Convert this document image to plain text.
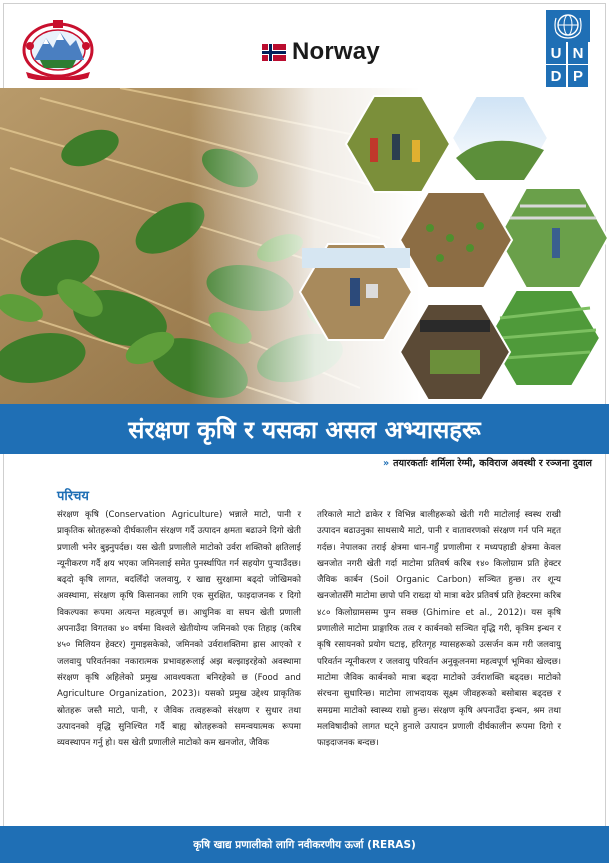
Norway	U N
D P
संरक्षण कृषि र यसका असल अभ्यासहरू
» तयारकर्ताः शर्मिला रेग्मी, कविराज अवस्थी र रञ्जना दुवाल
परिचय

संरक्षण कृषि (Conservation Agriculture) भन्नाले माटो, पानी र प्राकृतिक स्रोतहरूको दीर्घकालीन संरक्षण गर्दै उत्पादन क्षमता बढाउने दिगो खेती प्रणाली भनेर बुझ्नुपर्दछ। यस खेती प्रणालीले माटोको उर्वरा शक्तिको क्षतिलाई न्यूनीकरण गर्दै क्षय भएका जमिनलाई समेत पुनर्स्थापित गर्न सहयोग पुऱ्याउँदछ। बढ्दो कृषि लागत, बदलिँदो जलवायु, र खाद्य सुरक्षामा बढ्दो जोखिमको अवस्थामा, संरक्षण कृषि किसानका लागि एक सुरक्षित, फाइदाजनक र दिगो विकल्पका रूपमा अत्यन्त महत्वपूर्ण छ। आधुनिक वा सघन खेती प्रणाली अपनाउँदा विगतका ४० वर्षमा विश्वले खेतीयोग्य जमिनको एक तिहाइ (करिब ४५० मिलियन हेक्टर) गुमाइसकेको, जमिनको उर्वराशक्तिमा ह्रास आएको र जलवायु परिवर्तनका नकारात्मक प्रभावहरूलाई अझ बल्झाइरहेको अवस्थामा संरक्षण कृषि अहिलेको प्रमुख आवश्यकता बनिरहेको छ (Food and Agriculture Organization, 2023)। यसको प्रमुख उद्देश्य प्राकृतिक स्रोतहरू जस्तै माटो, पानी, र जैविक तत्वहरूको संरक्षण र सुधार तथा उत्पादनको वृद्धि सुनिश्चित गर्दै बाह्य स्रोतहरूको समन्वयात्मक रूपमा व्यवस्थापन गर्नु हो। यस खेती प्रणालीले माटोको कम खनजोत, जैविक

तरिकाले माटो ढाकेर र विभिन्न बालीहरूको खेती गरी माटोलाई स्वस्थ राखी उत्पादन बढाउनुका साथसाथै माटो, पानी र वातावरणको संरक्षण गर्न पनि मद्दत गर्दछ। नेपालका तराई क्षेत्रमा धान-गहुँ प्रणालीमा र मध्यपहाडी क्षेत्रमा केवल खनजोत नगरी खेती गर्दा माटोमा प्रतिवर्ष करिब १४० किलोग्राम प्रति हेक्टर जैविक कार्बन (Soil Organic Carbon) सञ्चित हुन्छ। तर शून्य खनजोतसँगै माटोमा छापो पनि राख्दा यो मात्रा बढेर प्रतिवर्ष प्रति हेक्टरमा करिब ४८० किलोग्रामसम्म पुग्न सक्छ (Ghimire et al., 2012)। यस कृषि प्रणालीले माटोमा प्राङ्गारिक तत्व र कार्बनको सञ्चित वृद्धि गरी, कृत्रिम इन्धन र कृषि रसायनको प्रयोग घटाइ, हरितगृह ग्यासहरूको उत्सर्जन कम गरी जलवायु परिवर्तन न्यूनीकरण र जलवायु परिवर्तन अनुकूलनमा महत्वपूर्ण भूमिका खेल्दछ। माटोमा जैविक कार्बनको मात्रा बढ्दा माटोको उर्वराशक्ति बढ्दछ। माटोको संरचना सुधारिन्छ। माटोमा लाभदायक सूक्ष्म जीवहरूको बसोबास बढ्दछ र समग्रमा माटोको स्वास्थ्य राम्रो हुन्छ। संरक्षण कृषि अपनाउँदा इन्धन, श्रम तथा मलविषादीको लागत घट्ने हुनाले उत्पादन प्रणाली दीर्घकालीन रूपमा दिगो र फाइदाजनक बन्दछ।

कृषि खाद्य प्रणालीको लागि नवीकरणीय ऊर्जा (RERAS)
